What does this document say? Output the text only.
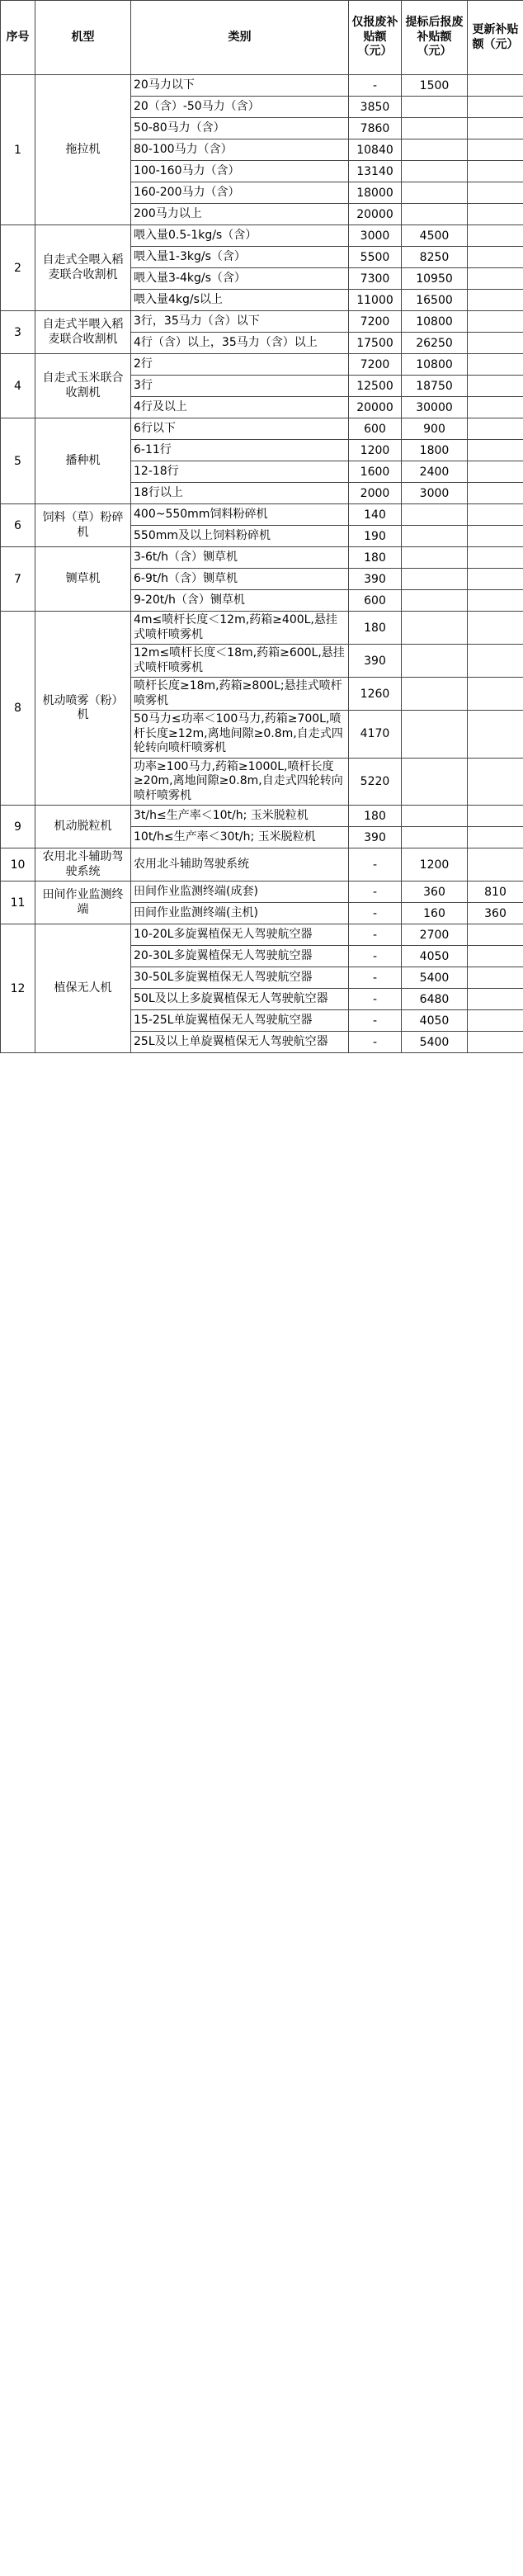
序号	机型	类别	仅报废补贴额（元）	提标后报废补贴额（元）	更新补贴额（元）
1	拖拉机	20马力以下	-	1500	
		20（含）-50马力（含）	3850		
		50-80马力（含）	7860		
		80-100马力（含）	10840		
		100-160马力（含）	13140		
		160-200马力（含）	18000		
		200马力以上	20000		
2	自走式全喂入稻麦联合收割机	喂入量0.5-1kg/s（含）	3000	4500	
		喂入量1-3kg/s（含）	5500	8250	
		喂入量3-4kg/s（含）	7300	10950	
		喂入量4kg/s以上	11000	16500	
3	自走式半喂入稻麦联合收割机	3行，35马力（含）以下	7200	10800	
		4行（含）以上，35马力（含）以上	17500	26250	
4	自走式玉米联合收割机	2行	7200	10800	
		3行	12500	18750	
		4行及以上	20000	30000	
5	播种机	6行以下	600	900	
		6-11行	1200	1800	
		12-18行	1600	2400	
		18行以上	2000	3000	
6	饲料（草）粉碎机	400~550mm饲料粉碎机	140		
		550mm及以上饲料粉碎机	190		
7	铡草机	3-6t/h（含）铡草机	180		
		6-9t/h（含）铡草机	390		
		9-20t/h（含）铡草机	600		
8	机动喷雾（粉）机	4m≤喷杆长度＜12m,药箱≥400L,悬挂式喷杆喷雾机	180		
		12m≤喷杆长度＜18m,药箱≥600L,悬挂式喷杆喷雾机	390		
		喷杆长度≥18m,药箱≥800L;悬挂式喷杆喷雾机	1260		
		50马力≤功率＜100马力,药箱≥700L,喷杆长度≥12m,离地间隙≥0.8m,自走式四轮转向喷杆喷雾机	4170		
		功率≥100马力,药箱≥1000L,喷杆长度≥20m,离地间隙≥0.8m,自走式四轮转向喷杆喷雾机	5220		
9	机动脱粒机	3t/h≤生产率＜10t/h; 玉米脱粒机	180		
		10t/h≤生产率＜30t/h; 玉米脱粒机	390		
10	农用北斗辅助驾驶系统	农用北斗辅助驾驶系统	-	1200	
11	田间作业监测终端	田间作业监测终端(成套)	-	360	810
		田间作业监测终端(主机)	-	160	360
12	植保无人机	10-20L多旋翼植保无人驾驶航空器	-	2700	
		20-30L多旋翼植保无人驾驶航空器	-	4050	
		30-50L多旋翼植保无人驾驶航空器	-	5400	
		50L及以上多旋翼植保无人驾驶航空器	-	6480	
		15-25L单旋翼植保无人驾驶航空器	-	4050	
		25L及以上单旋翼植保无人驾驶航空器	-	5400	
